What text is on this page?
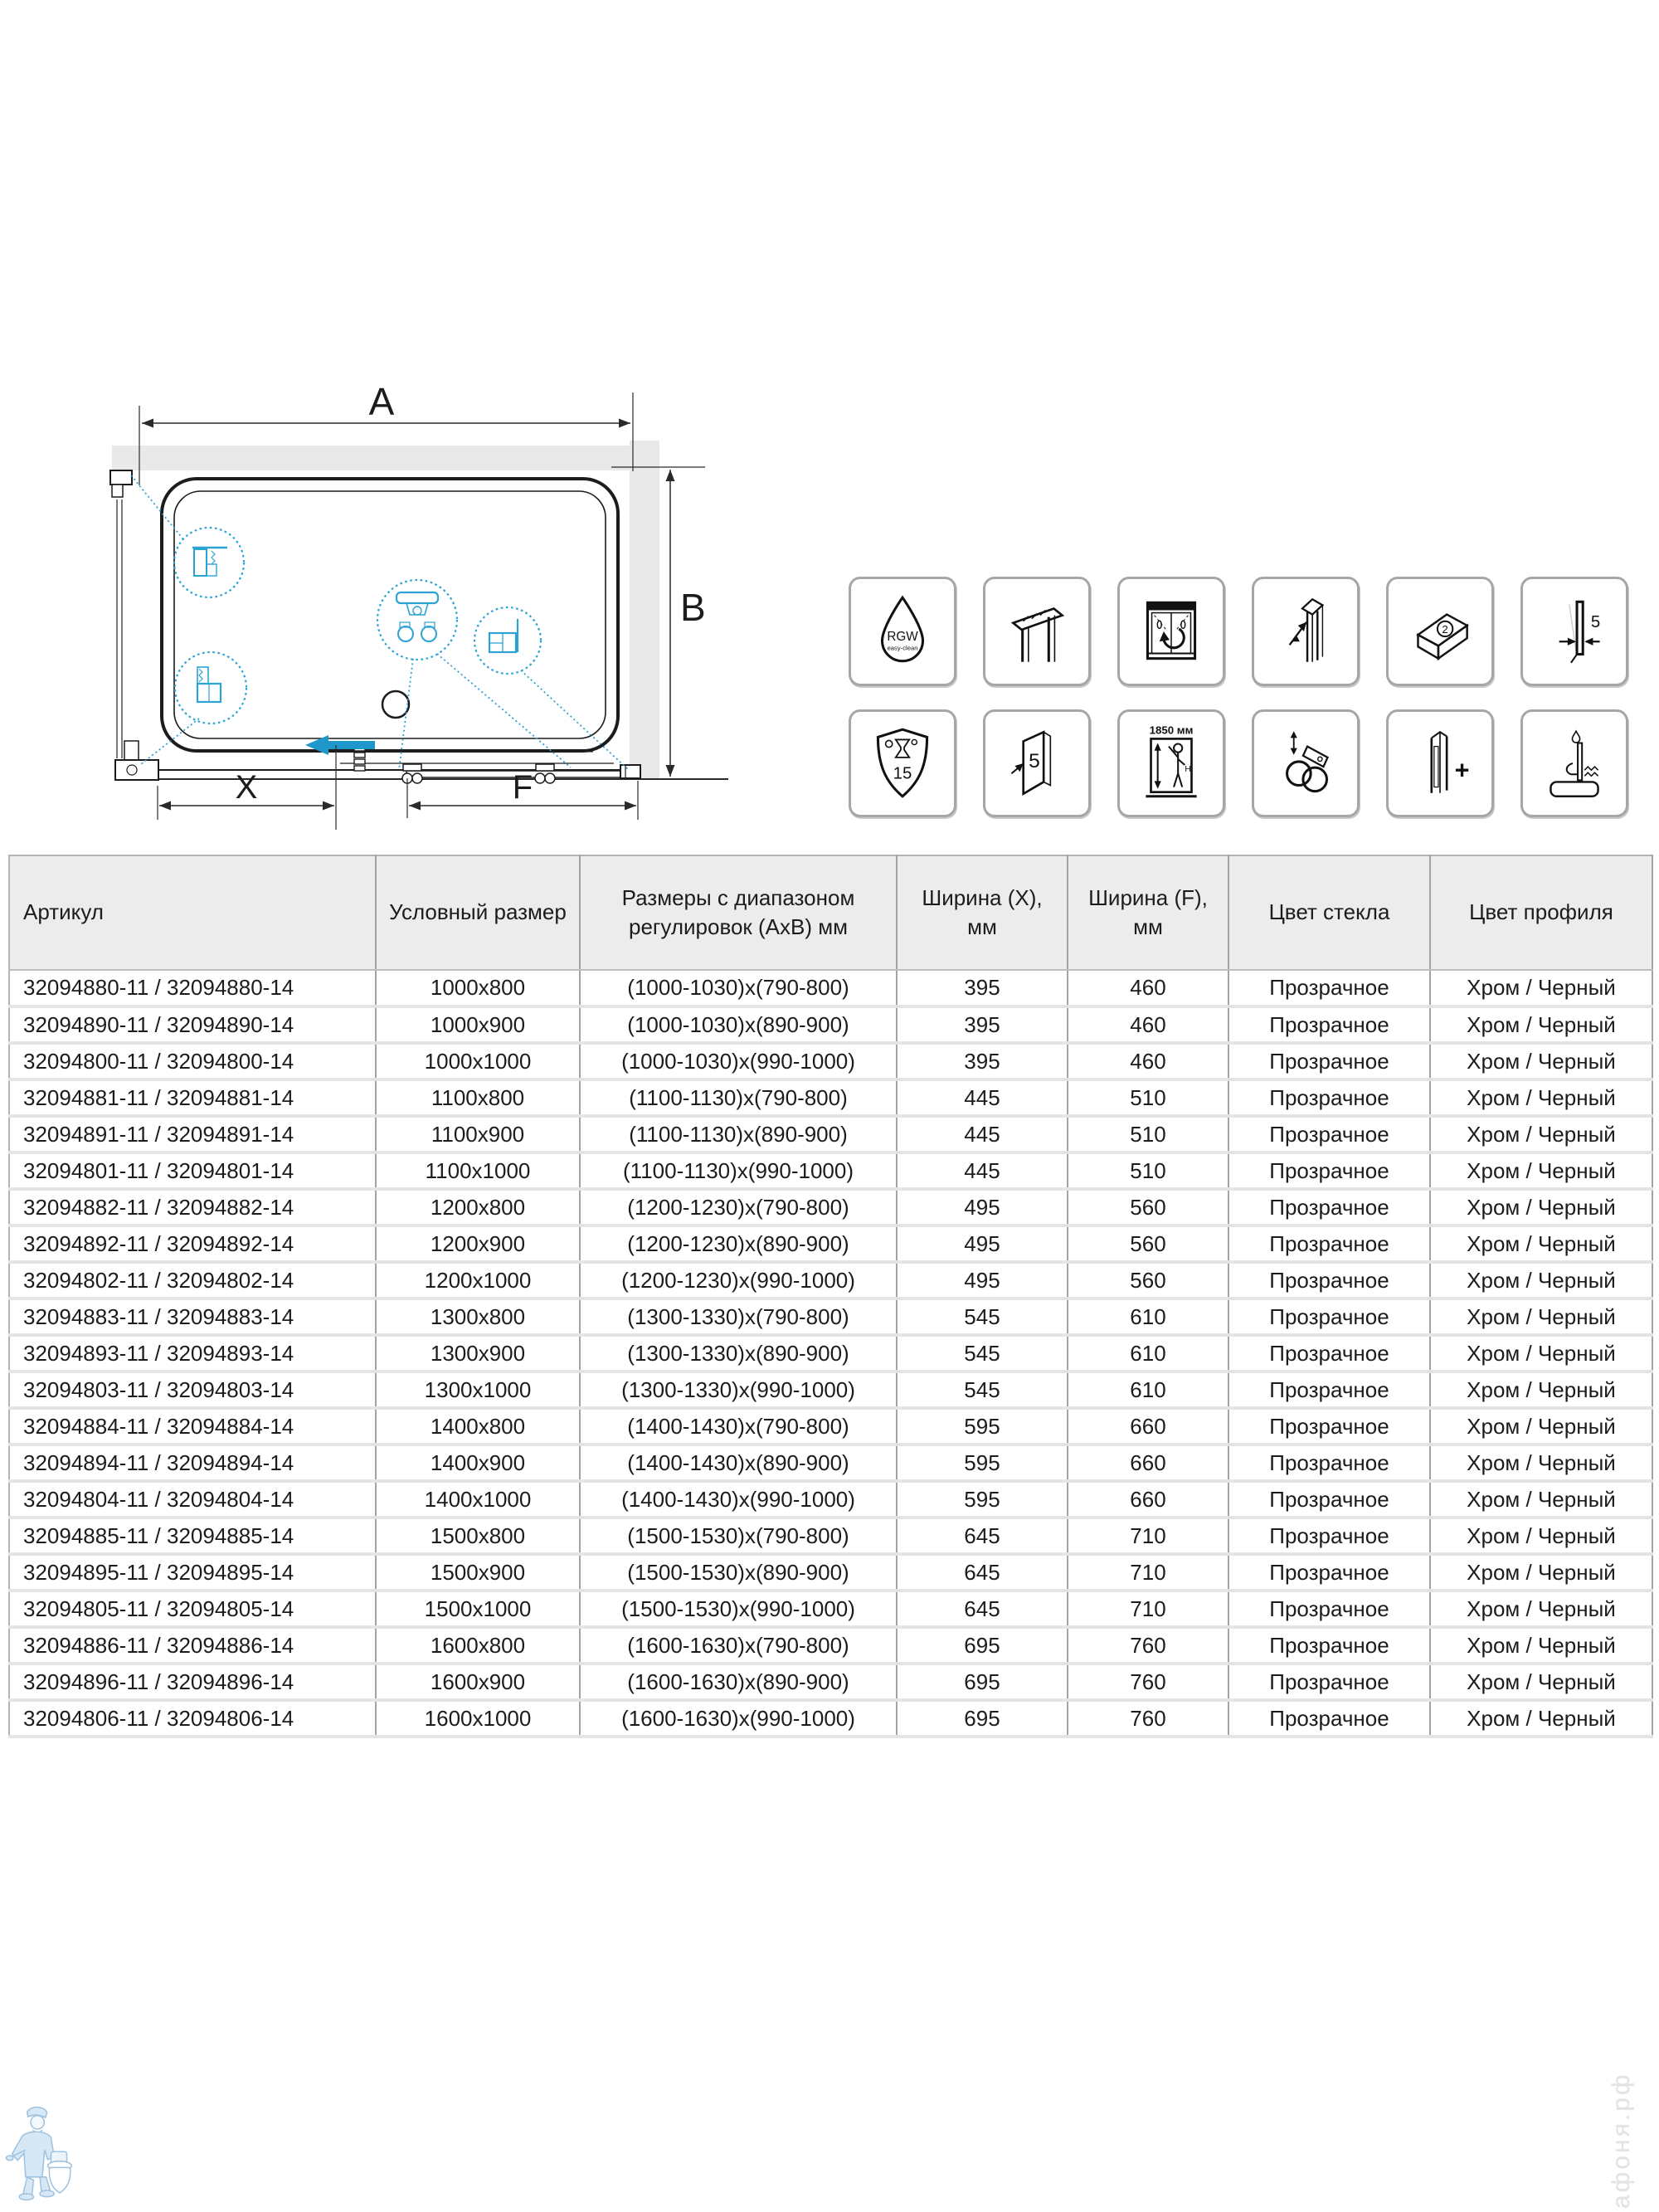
A
B
X	F
RGW
easy-clean
2	5
15
5
1850 мм
H	+
Артикул	Условный размер	Размеры с диапазоном регулировок (АхВ) мм	Ширина (X), мм	Ширина (F), мм	Цвет стекла	Цвет профиля
32094880-11 / 32094880-14	1000x800	(1000-1030)x(790-800)	395	460	Прозрачное	Хром / Черный
32094890-11 / 32094890-14	1000x900	(1000-1030)x(890-900)	395	460	Прозрачное	Хром / Черный
32094800-11 / 32094800-14	1000x1000	(1000-1030)x(990-1000)	395	460	Прозрачное	Хром / Черный
32094881-11 / 32094881-14	1100x800	(1100-1130)x(790-800)	445	510	Прозрачное	Хром / Черный
32094891-11 / 32094891-14	1100x900	(1100-1130)x(890-900)	445	510	Прозрачное	Хром / Черный
32094801-11 / 32094801-14	1100x1000	(1100-1130)x(990-1000)	445	510	Прозрачное	Хром / Черный
32094882-11 / 32094882-14	1200x800	(1200-1230)x(790-800)	495	560	Прозрачное	Хром / Черный
32094892-11 / 32094892-14	1200x900	(1200-1230)x(890-900)	495	560	Прозрачное	Хром / Черный
32094802-11 / 32094802-14	1200x1000	(1200-1230)x(990-1000)	495	560	Прозрачное	Хром / Черный
32094883-11 / 32094883-14	1300x800	(1300-1330)x(790-800)	545	610	Прозрачное	Хром / Черный
32094893-11 / 32094893-14	1300x900	(1300-1330)x(890-900)	545	610	Прозрачное	Хром / Черный
32094803-11 / 32094803-14	1300x1000	(1300-1330)x(990-1000)	545	610	Прозрачное	Хром / Черный
32094884-11 / 32094884-14	1400x800	(1400-1430)x(790-800)	595	660	Прозрачное	Хром / Черный
32094894-11 / 32094894-14	1400x900	(1400-1430)x(890-900)	595	660	Прозрачное	Хром / Черный
32094804-11 / 32094804-14	1400x1000	(1400-1430)x(990-1000)	595	660	Прозрачное	Хром / Черный
32094885-11 / 32094885-14	1500x800	(1500-1530)x(790-800)	645	710	Прозрачное	Хром / Черный
32094895-11 / 32094895-14	1500x900	(1500-1530)x(890-900)	645	710	Прозрачное	Хром / Черный
32094805-11 / 32094805-14	1500x1000	(1500-1530)x(990-1000)	645	710	Прозрачное	Хром / Черный
32094886-11 / 32094886-14	1600x800	(1600-1630)x(790-800)	695	760	Прозрачное	Хром / Черный
32094896-11 / 32094896-14	1600x900	(1600-1630)x(890-900)	695	760	Прозрачное	Хром / Черный
32094806-11 / 32094806-14	1600x1000	(1600-1630)x(990-1000)	695	760	Прозрачное	Хром / Черный
афоня.рф
